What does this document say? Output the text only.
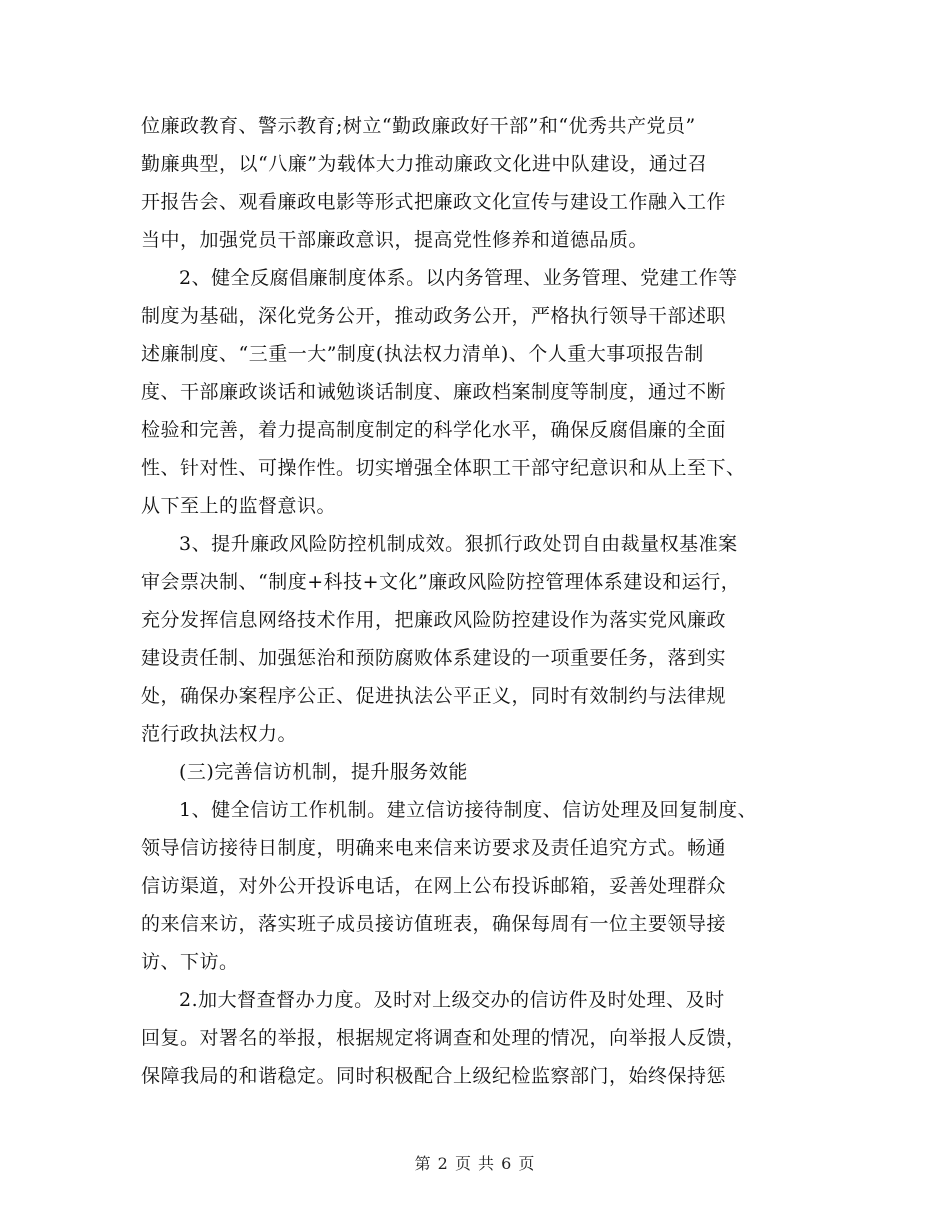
位廉政教育、警示教育;树立“勤政廉政好干部”和“优秀共产党员”
勤廉典型，以“八廉”为载体大力推动廉政文化进中队建设，通过召
开报告会、观看廉政电影等形式把廉政文化宣传与建设工作融入工作
当中，加强党员干部廉政意识，提高党性修养和道德品质。
2、健全反腐倡廉制度体系。以内务管理、业务管理、党建工作等
制度为基础，深化党务公开，推动政务公开，严格执行领导干部述职
述廉制度、“三重一大”制度(执法权力清单)、个人重大事项报告制
度、干部廉政谈话和诫勉谈话制度、廉政档案制度等制度，通过不断
检验和完善，着力提高制度制定的科学化水平，确保反腐倡廉的全面
性、针对性、可操作性。切实增强全体职工干部守纪意识和从上至下、
从下至上的监督意识。
3、提升廉政风险防控机制成效。狠抓行政处罚自由裁量权基准案
审会票决制、“制度+科技+文化”廉政风险防控管理体系建设和运行，
充分发挥信息网络技术作用，把廉政风险防控建设作为落实党风廉政
建设责任制、加强惩治和预防腐败体系建设的一项重要任务，落到实
处，确保办案程序公正、促进执法公平正义，同时有效制约与法律规
范行政执法权力。
(三)完善信访机制，提升服务效能
1、健全信访工作机制。建立信访接待制度、信访处理及回复制度、
领导信访接待日制度，明确来电来信来访要求及责任追究方式。畅通
信访渠道，对外公开投诉电话，在网上公布投诉邮箱，妥善处理群众
的来信来访，落实班子成员接访值班表，确保每周有一位主要领导接
访、下访。
2.加大督查督办力度。及时对上级交办的信访件及时处理、及时
回复。对署名的举报，根据规定将调查和处理的情况，向举报人反馈，
保障我局的和谐稳定。同时积极配合上级纪检监察部门，始终保持惩
第 2 页 共 6 页
